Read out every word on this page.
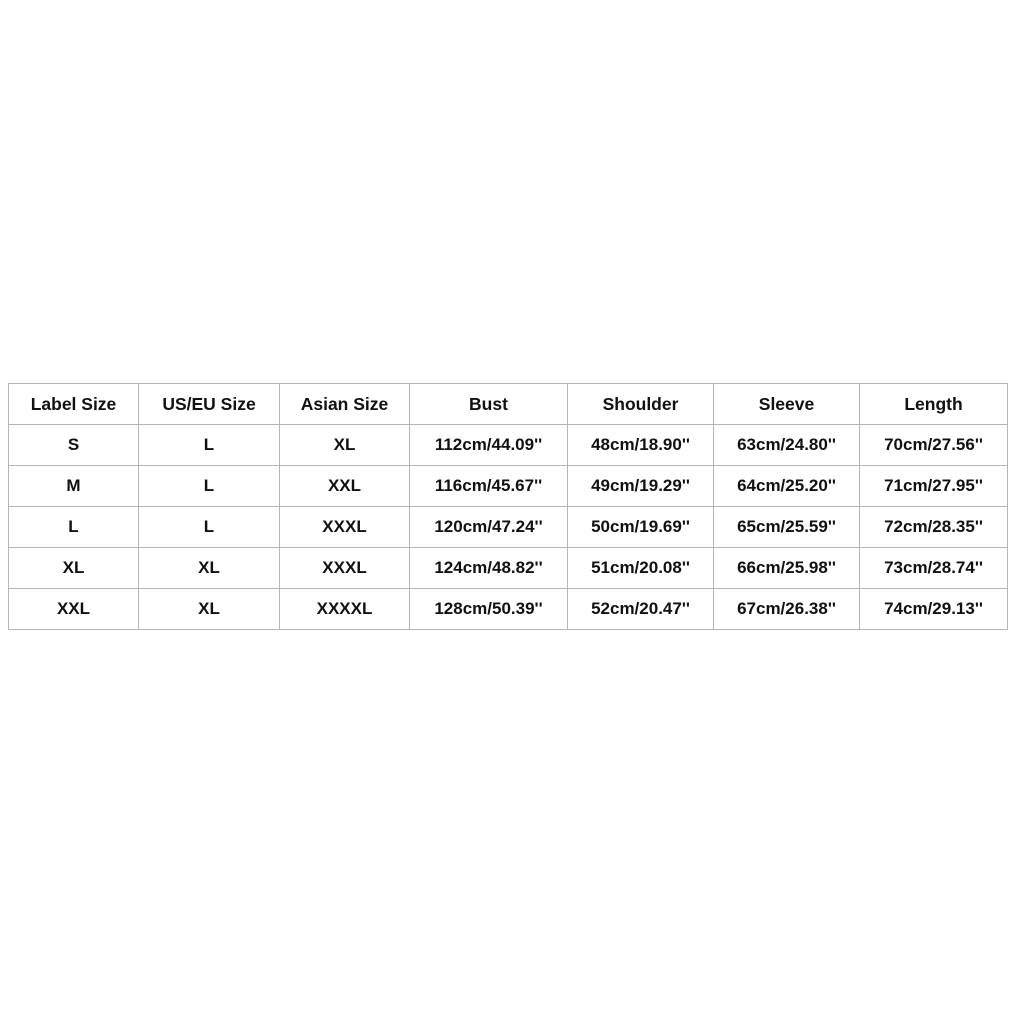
Label Size	US/EU Size	Asian Size	Bust	Shoulder	Sleeve	Length
S	L	XL	112cm/44.09''	48cm/18.90''	63cm/24.80''	70cm/27.56''
M	L	XXL	116cm/45.67''	49cm/19.29''	64cm/25.20''	71cm/27.95''
L	L	XXXL	120cm/47.24''	50cm/19.69''	65cm/25.59''	72cm/28.35''
XL	XL	XXXL	124cm/48.82''	51cm/20.08''	66cm/25.98''	73cm/28.74''
XXL	XL	XXXXL	128cm/50.39''	52cm/20.47''	67cm/26.38''	74cm/29.13''
